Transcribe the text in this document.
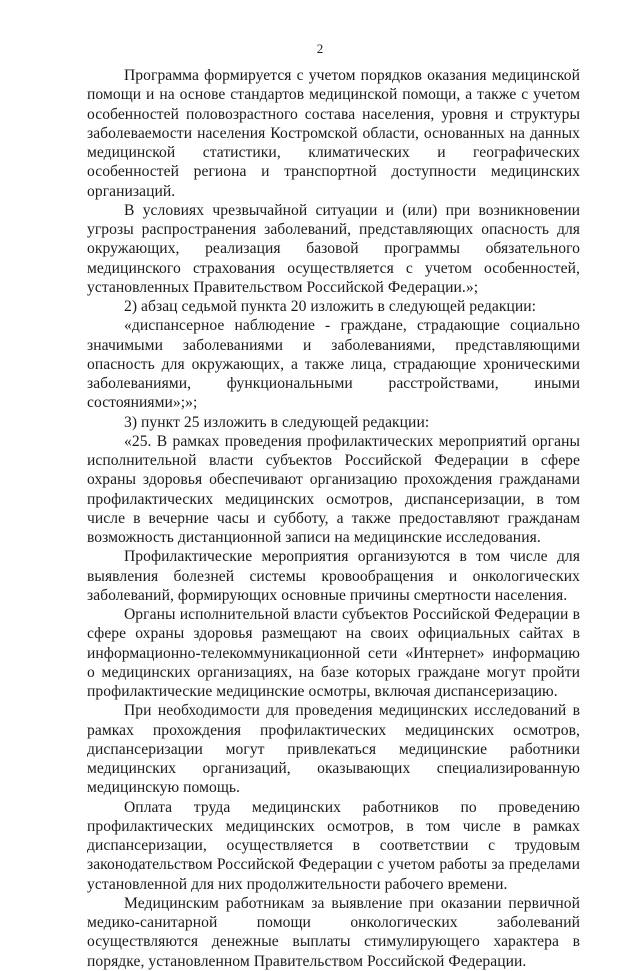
2

Программа формируется с учетом порядков оказания медицинской помощи и на основе стандартов медицинской помощи, а также с учетом особенностей половозрастного состава населения, уровня и структуры заболеваемости населения Костромской области, основанных на данных медицинской статистики, климатических и географических особенностей региона и транспортной доступности медицинских организаций.

В условиях чрезвычайной ситуации и (или) при возникновении угрозы распространения заболеваний, представляющих опасность для окружающих, реализация базовой программы обязательного медицинского страхования осуществляется с учетом особенностей, установленных Правительством Российской Федерации.»;

2) абзац седьмой пункта 20 изложить в следующей редакции:

«диспансерное наблюдение - граждане, страдающие социально значимыми заболеваниями и заболеваниями, представляющими опасность для окружающих, а также лица, страдающие хроническими заболеваниями, функциональными расстройствами, иными состояниями»;»;

3) пункт 25 изложить в следующей редакции:

«25. В рамках проведения профилактических мероприятий органы исполнительной власти субъектов Российской Федерации в сфере охраны здоровья обеспечивают организацию прохождения гражданами профилактических медицинских осмотров, диспансеризации, в том числе в вечерние часы и субботу, а также предоставляют гражданам возможность дистанционной записи на медицинские исследования.

Профилактические мероприятия организуются в том числе для выявления болезней системы кровообращения и онкологических заболеваний, формирующих основные причины смертности населения.

Органы исполнительной власти субъектов Российской Федерации в сфере охраны здоровья размещают на своих официальных сайтах в информационно-телекоммуникационной сети «Интернет» информацию о медицинских организациях, на базе которых граждане могут пройти профилактические медицинские осмотры, включая диспансеризацию.

При необходимости для проведения медицинских исследований в рамках прохождения профилактических медицинских осмотров, диспансеризации могут привлекаться медицинские работники медицинских организаций, оказывающих специализированную медицинскую помощь.

Оплата труда медицинских работников по проведению профилактических медицинских осмотров, в том числе в рамках диспансеризации, осуществляется в соответствии с трудовым законодательством Российской Федерации с учетом работы за пределами установленной для них продолжительности рабочего времени.

Медицинским работникам за выявление при оказании первичной медико-санитарной помощи онкологических заболеваний осуществляются денежные выплаты стимулирующего характера в порядке, установленном Правительством Российской Федерации.
